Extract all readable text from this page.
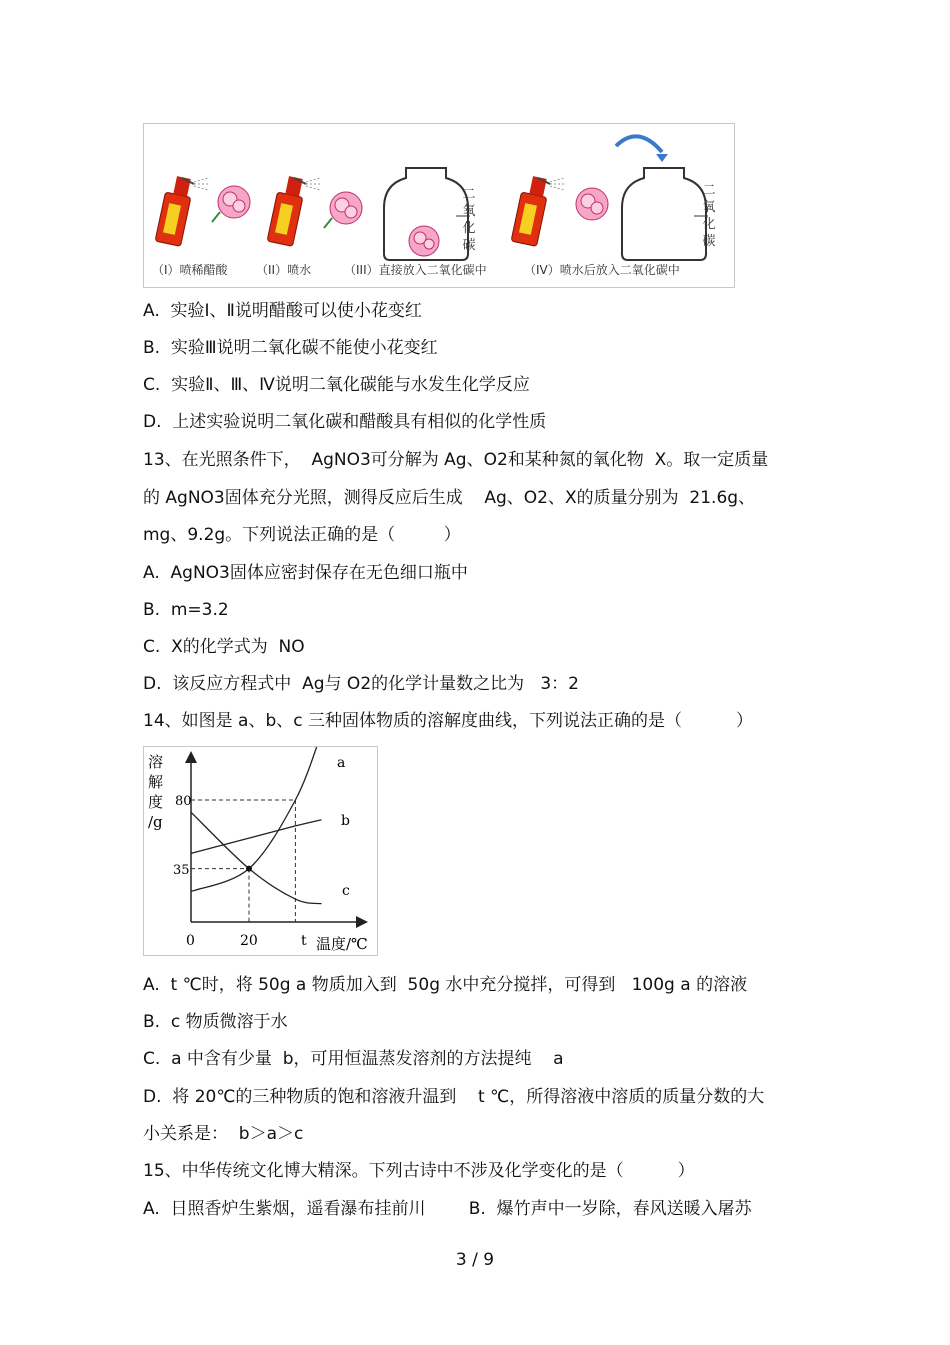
（I）喷稀醋酸 （II）喷水	（III）直接放入二氧化碳中	（IV）喷水后放入二氧化碳中
二氧化碳
二氧化碳
A.  实验Ⅰ、Ⅱ说明醋酸可以使小花变红
B.  实验Ⅲ说明二氧化碳不能使小花变红
C.  实验Ⅱ、Ⅲ、Ⅳ说明二氧化碳能与水发生化学反应
D.  上述实验说明二氧化碳和醋酸具有相似的化学性质
13、在光照条件下，  AgNO3可分解为 Ag、O2和某种氮的氧化物  X。取一定质量
的 AgNO3固体充分光照，测得反应后生成    Ag、O2、X的质量分别为  21.6g、
mg、9.2g。下列说法正确的是（         ）
A.  AgNO3固体应密封保存在无色细口瓶中
B.  m=3.2
C.  X的化学式为  NO
D.  该反应方程式中  Ag与 O2的化学计量数之比为   3：2
14、如图是 a、b、c 三种固体物质的溶解度曲线，下列说法正确的是（          ）
溶
解
度
/g
0	20	t 温度/℃
35
80
a
b
c
A.  t ℃时，将 50g a 物质加入到  50g 水中充分搅拌，可得到   100g a 的溶液
B.  c 物质微溶于水
C.  a 中含有少量  b，可用恒温蒸发溶剂的方法提纯    a
D.  将 20℃的三种物质的饱和溶液升温到    t ℃，所得溶液中溶质的质量分数的大
小关系是：  b＞a＞c
15、中华传统文化博大精深。下列古诗中不涉及化学变化的是（          ）
A.  日照香炉生紫烟，遥看瀑布挂前川        B.  爆竹声中一岁除，春风送暖入屠苏
3 / 9
